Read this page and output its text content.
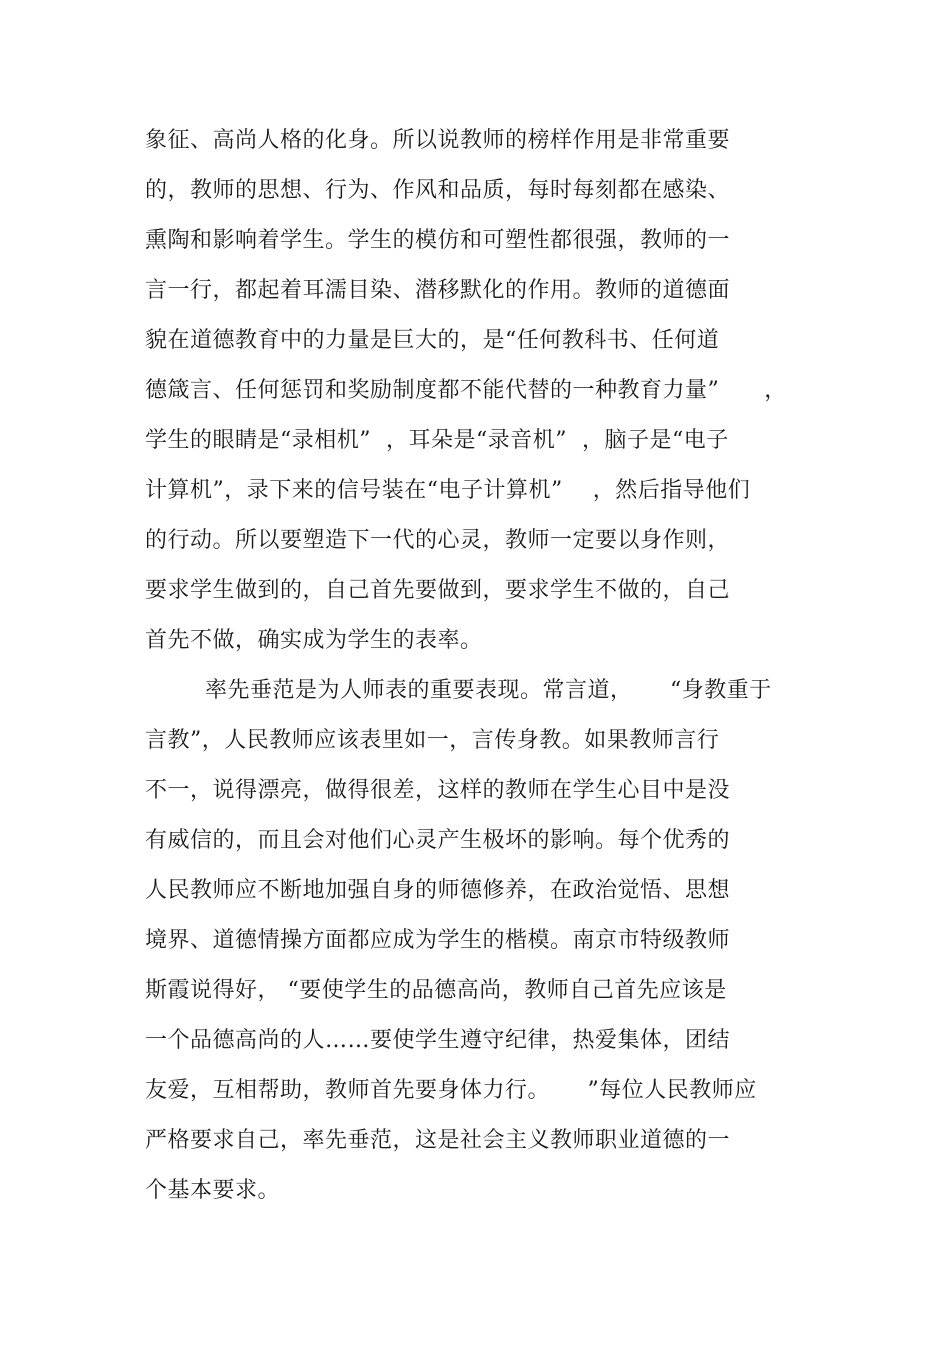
象征、高尚人格的化身。所以说教师的榜样作用是非常重要
的，教师的思想、行为、作风和品质，每时每刻都在感染、
熏陶和影响着学生。学生的模仿和可塑性都很强，教师的一
言一行，都起着耳濡目染、潜移默化的作用。教师的道德面
貌在道德教育中的力量是巨大的，是“任何教科书、任何道
德箴言、任何惩罚和奖励制度都不能代替的一种教育力量”      ，
学生的眼睛是“录相机”  ，耳朵是“录音机”  ，脑子是“电子
计算机”，录下来的信号装在“电子计算机”    ，然后指导他们
的行动。所以要塑造下一代的心灵，教师一定要以身作则，
要求学生做到的，自己首先要做到，要求学生不做的，自己
首先不做，确实成为学生的表率。
率先垂范是为人师表的重要表现。常言道，     “身教重于
言教”，人民教师应该表里如一，言传身教。如果教师言行
不一，说得漂亮，做得很差，这样的教师在学生心目中是没
有威信的，而且会对他们心灵产生极坏的影响。每个优秀的
人民教师应不断地加强自身的师德修养，在政治觉悟、思想
境界、道德情操方面都应成为学生的楷模。南京市特级教师
斯霞说得好， “要使学生的品德高尚，教师自己首先应该是
一个品德高尚的人……要使学生遵守纪律，热爱集体，团结
友爱，互相帮助，教师首先要身体力行。     ”每位人民教师应
严格要求自己，率先垂范，这是社会主义教师职业道德的一
个基本要求。
